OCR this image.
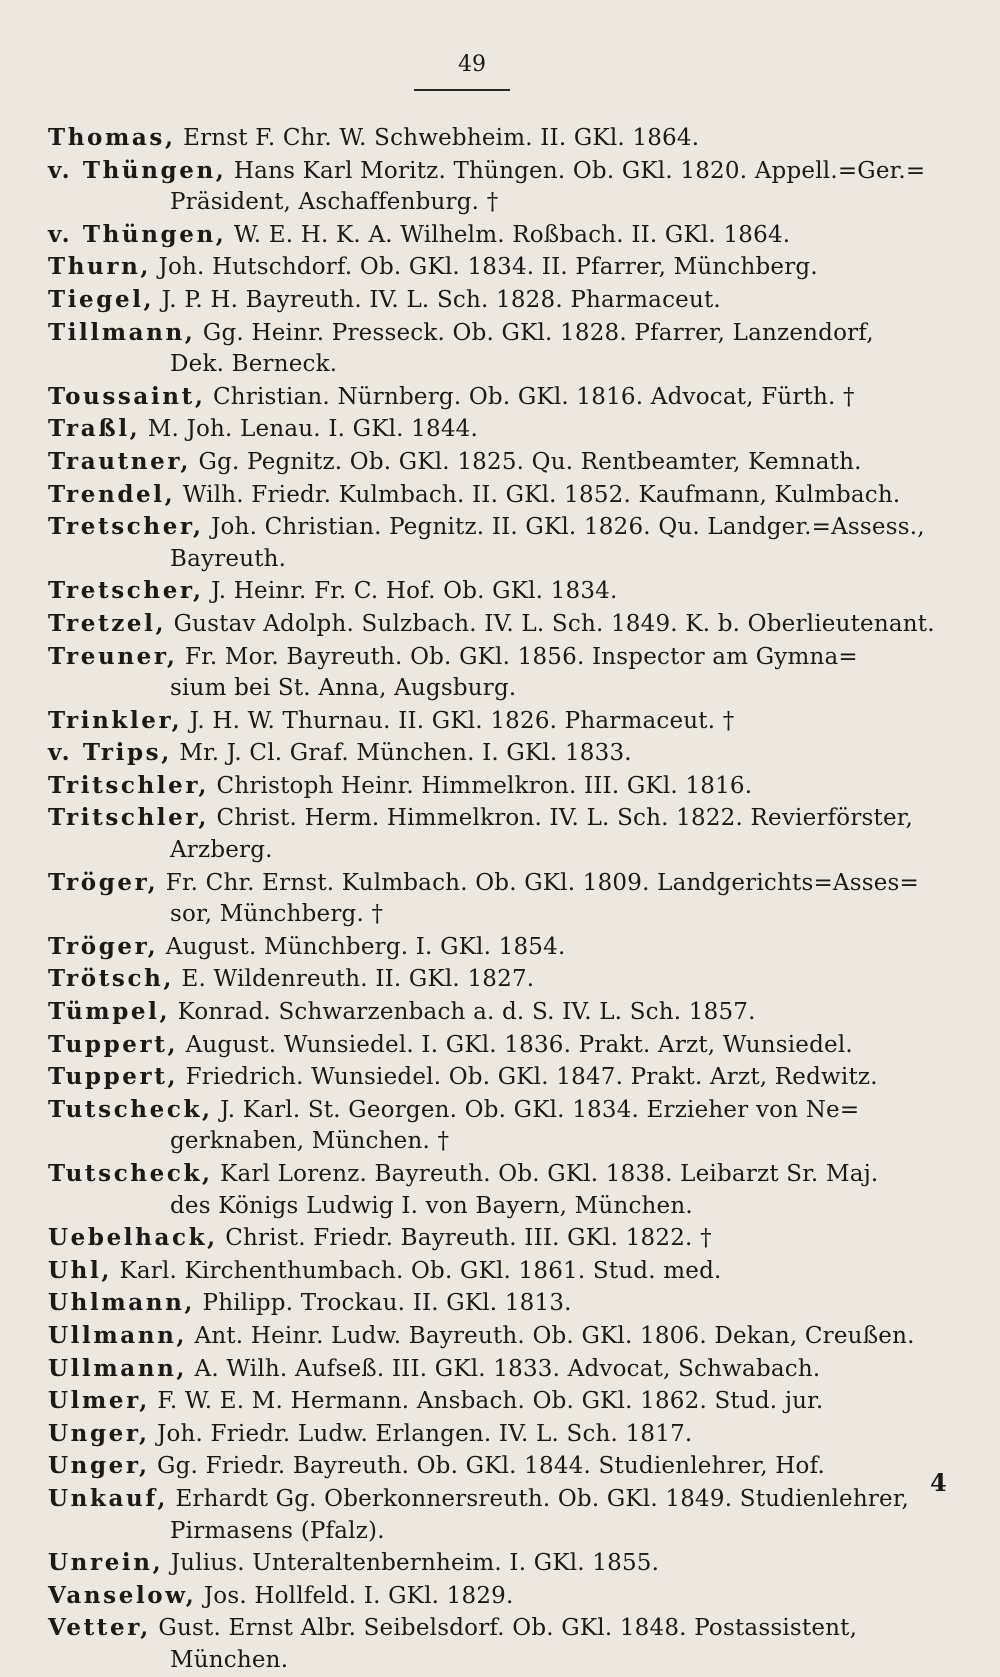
49
Thomas, Ernst F. Chr. W. Schwebheim. II. GKl. 1864.
v. Thüngen, Hans Karl Moritz. Thüngen. Ob. GKl. 1820. Appell.=Ger.=
Präsident, Aschaffenburg. †
v. Thüngen, W. E. H. K. A. Wilhelm. Roßbach. II. GKl. 1864.
Thurn, Joh. Hutschdorf. Ob. GKl. 1834. II. Pfarrer, Münchberg.
Tiegel, J. P. H. Bayreuth. IV. L. Sch. 1828. Pharmaceut.
Tillmann, Gg. Heinr. Presseck. Ob. GKl. 1828. Pfarrer, Lanzendorf,
Dek. Berneck.
Toussaint, Christian. Nürnberg. Ob. GKl. 1816. Advocat, Fürth. †
Traßl, M. Joh. Lenau. I. GKl. 1844.
Trautner, Gg. Pegnitz. Ob. GKl. 1825. Qu. Rentbeamter, Kemnath.
Trendel, Wilh. Friedr. Kulmbach. II. GKl. 1852. Kaufmann, Kulmbach.
Tretscher, Joh. Christian. Pegnitz. II. GKl. 1826. Qu. Landger.=Assess.,
Bayreuth.
Tretscher, J. Heinr. Fr. C. Hof. Ob. GKl. 1834.
Tretzel, Gustav Adolph. Sulzbach. IV. L. Sch. 1849. K. b. Oberlieutenant.
Treuner, Fr. Mor. Bayreuth. Ob. GKl. 1856. Inspector am Gymna=
sium bei St. Anna, Augsburg.
Trinkler, J. H. W. Thurnau. II. GKl. 1826. Pharmaceut. †
v. Trips, Mr. J. Cl. Graf. München. I. GKl. 1833.
Tritschler, Christoph Heinr. Himmelkron. III. GKl. 1816.
Tritschler, Christ. Herm. Himmelkron. IV. L. Sch. 1822. Revierförster,
Arzberg.
Tröger, Fr. Chr. Ernst. Kulmbach. Ob. GKl. 1809. Landgerichts=Asses=
sor, Münchberg. †
Tröger, August. Münchberg. I. GKl. 1854.
Trötsch, E. Wildenreuth. II. GKl. 1827.
Tümpel, Konrad. Schwarzenbach a. d. S. IV. L. Sch. 1857.
Tuppert, August. Wunsiedel. I. GKl. 1836. Prakt. Arzt, Wunsiedel.
Tuppert, Friedrich. Wunsiedel. Ob. GKl. 1847. Prakt. Arzt, Redwitz.
Tutscheck, J. Karl. St. Georgen. Ob. GKl. 1834. Erzieher von Ne=
gerknaben, München. †
Tutscheck, Karl Lorenz. Bayreuth. Ob. GKl. 1838. Leibarzt Sr. Maj.
des Königs Ludwig I. von Bayern, München.
Uebelhack, Christ. Friedr. Bayreuth. III. GKl. 1822. †
Uhl, Karl. Kirchenthumbach. Ob. GKl. 1861. Stud. med.
Uhlmann, Philipp. Trockau. II. GKl. 1813.
Ullmann, Ant. Heinr. Ludw. Bayreuth. Ob. GKl. 1806. Dekan, Creußen.
Ullmann, A. Wilh. Aufseß. III. GKl. 1833. Advocat, Schwabach.
Ulmer, F. W. E. M. Hermann. Ansbach. Ob. GKl. 1862. Stud. jur.
Unger, Joh. Friedr. Ludw. Erlangen. IV. L. Sch. 1817.
Unger, Gg. Friedr. Bayreuth. Ob. GKl. 1844. Studienlehrer, Hof.
Unkauf, Erhardt Gg. Oberkonnersreuth. Ob. GKl. 1849. Studienlehrer,
Pirmasens (Pfalz).
Unrein, Julius. Unteraltenbernheim. I. GKl. 1855.
Vanselow, Jos. Hollfeld. I. GKl. 1829.
Vetter, Gust. Ernst Albr. Seibelsdorf. Ob. GKl. 1848. Postassistent,
München.
4
